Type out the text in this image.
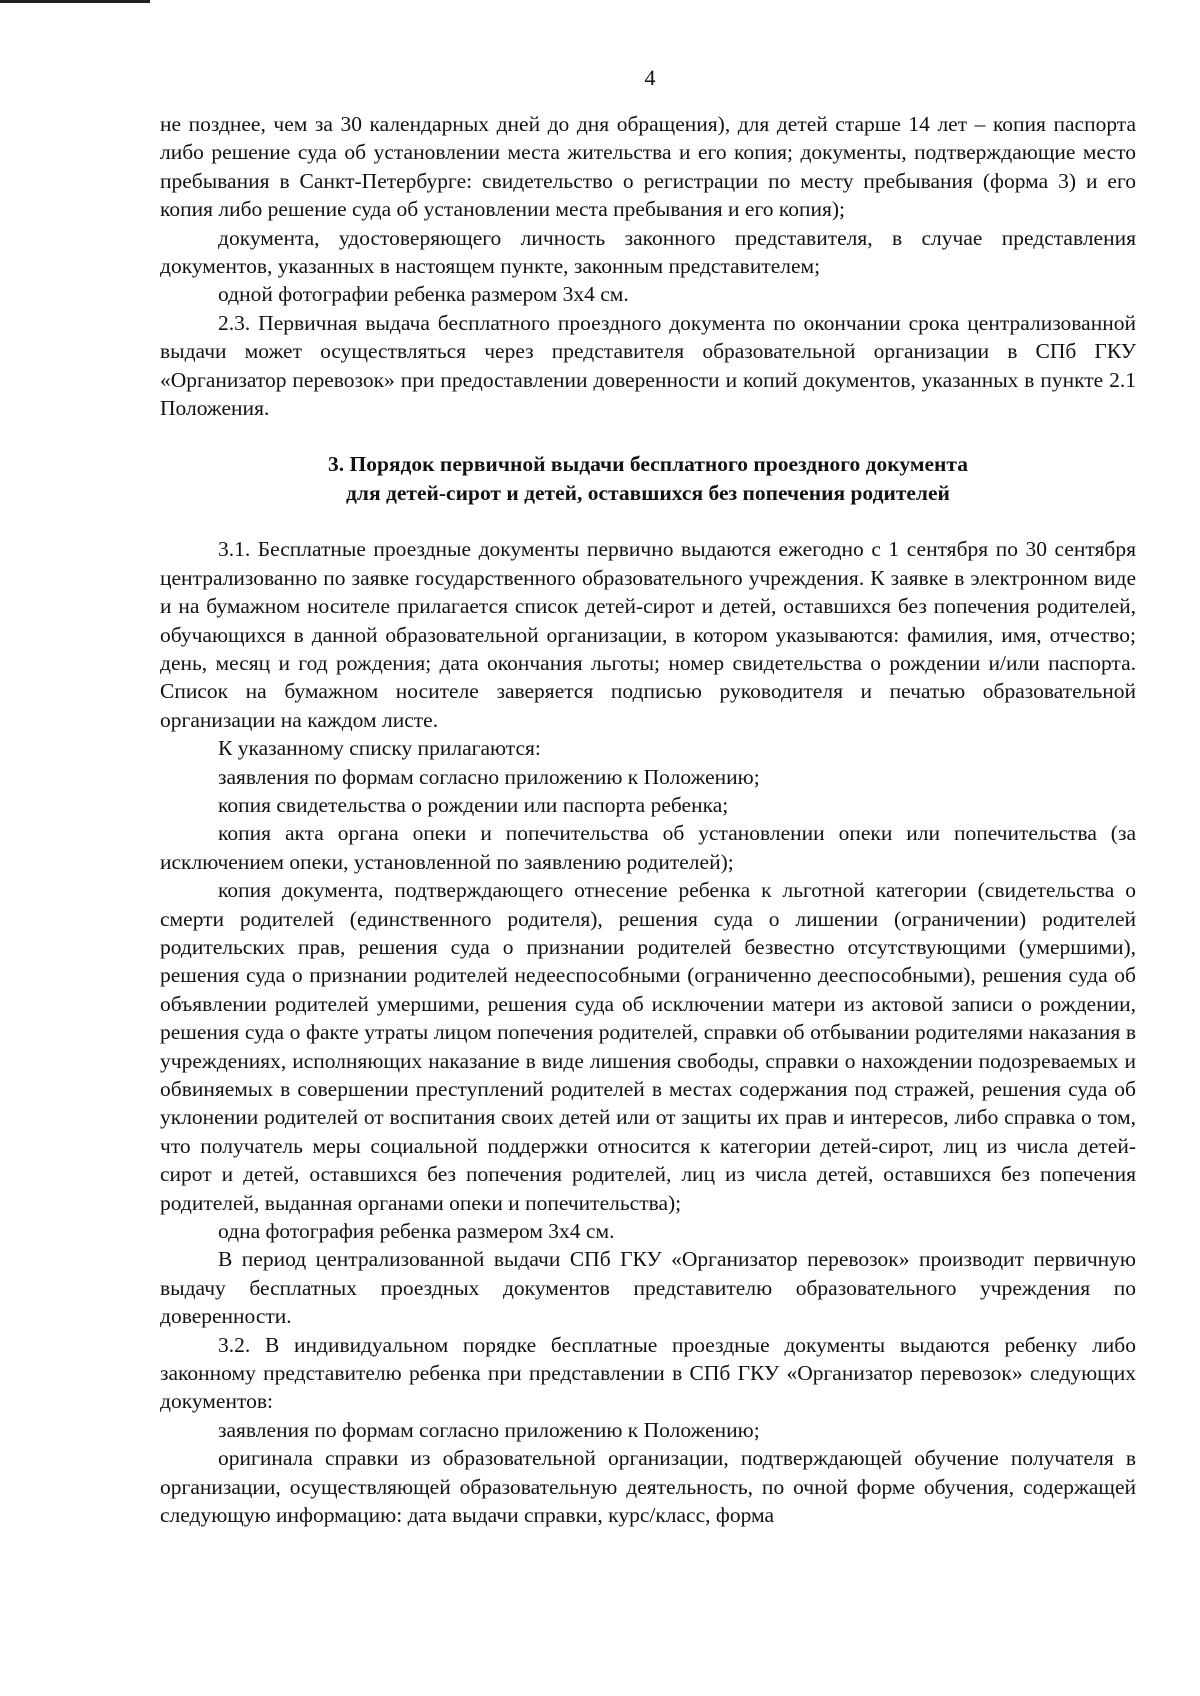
4

не позднее, чем за 30 календарных дней до дня обращения), для детей старше 14 лет – копия паспорта либо решение суда об установлении места жительства и его копия; документы, подтверждающие место пребывания в Санкт-Петербурге: свидетельство о регистрации по месту пребывания (форма 3) и его копия либо решение суда об установлении места пребывания и его копия);

документа, удостоверяющего личность законного представителя, в случае представления документов, указанных в настоящем пункте, законным представителем;

одной фотографии ребенка размером 3х4 см.

2.3. Первичная выдача бесплатного проездного документа по окончании срока централизованной выдачи может осуществляться через представителя образовательной организации в СПб ГКУ «Организатор перевозок» при предоставлении доверенности и копий документов, указанных в пункте 2.1 Положения.

3. Порядок первичной выдачи бесплатного проездного документа
для детей-сирот и детей, оставшихся без попечения родителей

3.1. Бесплатные проездные документы первично выдаются ежегодно с 1 сентября по 30 сентября централизованно по заявке государственного образовательного учреждения. К заявке в электронном виде и на бумажном носителе прилагается список детей-сирот и детей, оставшихся без попечения родителей, обучающихся в данной образовательной организации, в котором указываются: фамилия, имя, отчество; день, месяц и год рождения; дата окончания льготы; номер свидетельства о рождении и/или паспорта. Список на бумажном носителе заверяется подписью руководителя и печатью образовательной организации на каждом листе.

К указанному списку прилагаются:

заявления по формам согласно приложению к Положению;

копия свидетельства о рождении или паспорта ребенка;

копия акта органа опеки и попечительства об установлении опеки или попечительства (за исключением опеки, установленной по заявлению родителей);

копия документа, подтверждающего отнесение ребенка к льготной категории (свидетельства о смерти родителей (единственного родителя), решения суда о лишении (ограничении) родителей родительских прав, решения суда о признании родителей безвестно отсутствующими (умершими), решения суда о признании родителей недееспособными (ограниченно дееспособными), решения суда об объявлении родителей умершими, решения суда об исключении матери из актовой записи о рождении, решения суда о факте утраты лицом попечения родителей, справки об отбывании родителями наказания в учреждениях, исполняющих наказание в виде лишения свободы, справки о нахождении подозреваемых и обвиняемых в совершении преступлений родителей в местах содержания под стражей, решения суда об уклонении родителей от воспитания своих детей или от защиты их прав и интересов, либо справка о том, что получатель меры социальной поддержки относится к категории детей-сирот, лиц из числа детей-сирот и детей, оставшихся без попечения родителей, лиц из числа детей, оставшихся без попечения родителей, выданная органами опеки и попечительства);

одна фотография ребенка размером 3х4 см.

В период централизованной выдачи СПб ГКУ «Организатор перевозок» производит первичную выдачу бесплатных проездных документов представителю образовательного учреждения по доверенности.

3.2. В индивидуальном порядке бесплатные проездные документы выдаются ребенку либо законному представителю ребенка при представлении в СПб ГКУ «Организатор перевозок» следующих документов:

заявления по формам согласно приложению к Положению;

оригинала справки из образовательной организации, подтверждающей обучение получателя в организации, осуществляющей образовательную деятельность, по очной форме обучения, содержащей следующую информацию: дата выдачи справки, курс/класс, форма
